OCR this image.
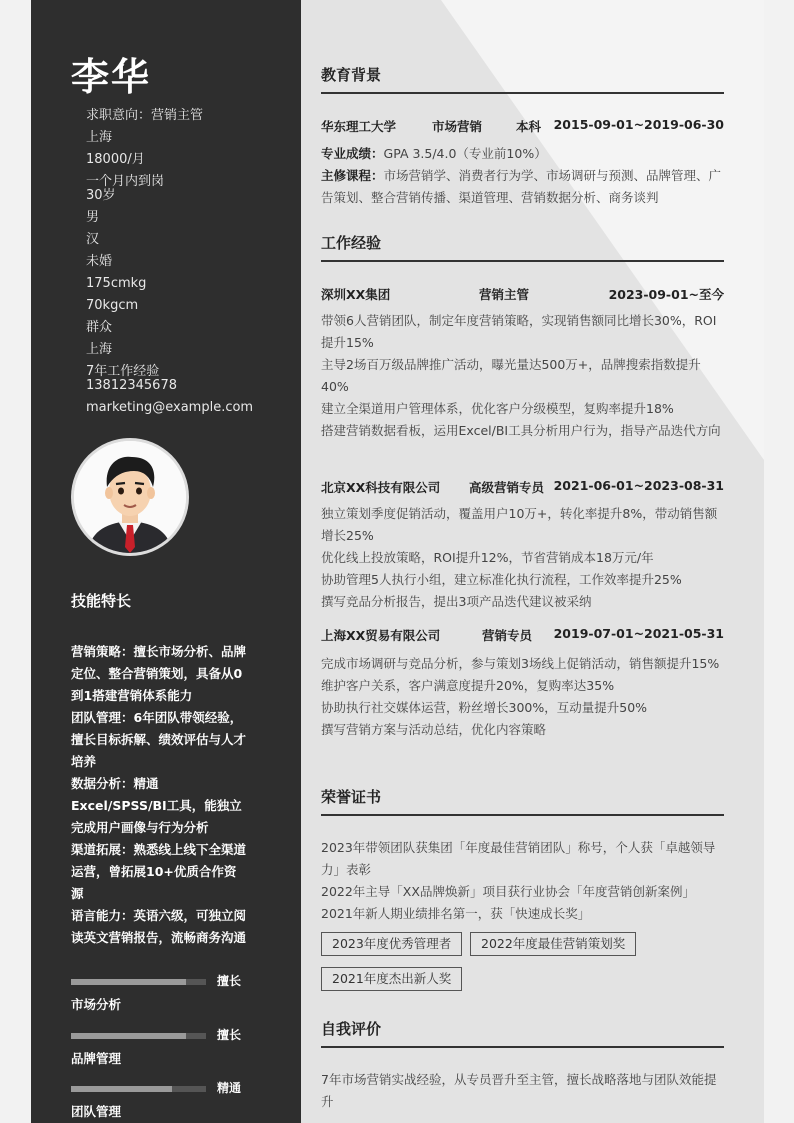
李华
求职意向：营销主管
上海
18000/月
一个月内到岗
30岁
男
汉
未婚
175cmkg
70kgcm
群众
上海
7年工作经验
13812345678
marketing@example.com
技能特长

营销策略：擅长市场分析、品牌定位、整合营销策划，具备从0到1搭建营销体系能力

团队管理：6年团队带领经验，擅长目标拆解、绩效评估与人才培养

数据分析：精通Excel/SPSS/BI工具，能独立完成用户画像与行为分析

渠道拓展：熟悉线上线下全渠道运营，曾拓展10+优质合作资源

语言能力：英语六级，可独立阅读英文营销报告，流畅商务沟通

擅长
市场分析
擅长
品牌管理
精通
团队管理
教育背景
华东理工大学	市场营销	本科 2015-09-01~2019-06-30

专业成绩：GPA 3.5/4.0（专业前10%）

主修课程：市场营销学、消费者行为学、市场调研与预测、品牌管理、广告策划、整合营销传播、渠道管理、营销数据分析、商务谈判

工作经验
深圳XX集团	营销主管	2023-09-01~至今

带领6人营销团队，制定年度营销策略，实现销售额同比增长30%，ROI提升15%

主导2场百万级品牌推广活动，曝光量达500万+，品牌搜索指数提升40%

建立全渠道用户管理体系，优化客户分级模型，复购率提升18%

搭建营销数据看板，运用Excel/BI工具分析用户行为，指导产品迭代方向

北京XX科技有限公司 高级营销专员 2021-06-01~2023-08-31

独立策划季度促销活动，覆盖用户10万+，转化率提升8%，带动销售额增长25%

优化线上投放策略，ROI提升12%，节省营销成本18万元/年

协助管理5人执行小组，建立标准化执行流程，工作效率提升25%

撰写竞品分析报告，提出3项产品迭代建议被采纳

上海XX贸易有限公司	营销专员 2019-07-01~2021-05-31

完成市场调研与竞品分析，参与策划3场线上促销活动，销售额提升15%

维护客户关系，客户满意度提升20%，复购率达35%

协助执行社交媒体运营，粉丝增长300%，互动量提升50%

撰写营销方案与活动总结，优化内容策略

荣誉证书

2023年带领团队获集团「年度最佳营销团队」称号，个人获「卓越领导力」表彰

2022年主导「XX品牌焕新」项目获行业协会「年度营销创新案例」

2021年新人期业绩排名第一，获「快速成长奖」

2023年度优秀管理者	2022年度最佳营销策划奖
2021年度杰出新人奖
自我评价
7年市场营销实战经验，从专员晋升至主管，擅长战略落地与团队效能提升
